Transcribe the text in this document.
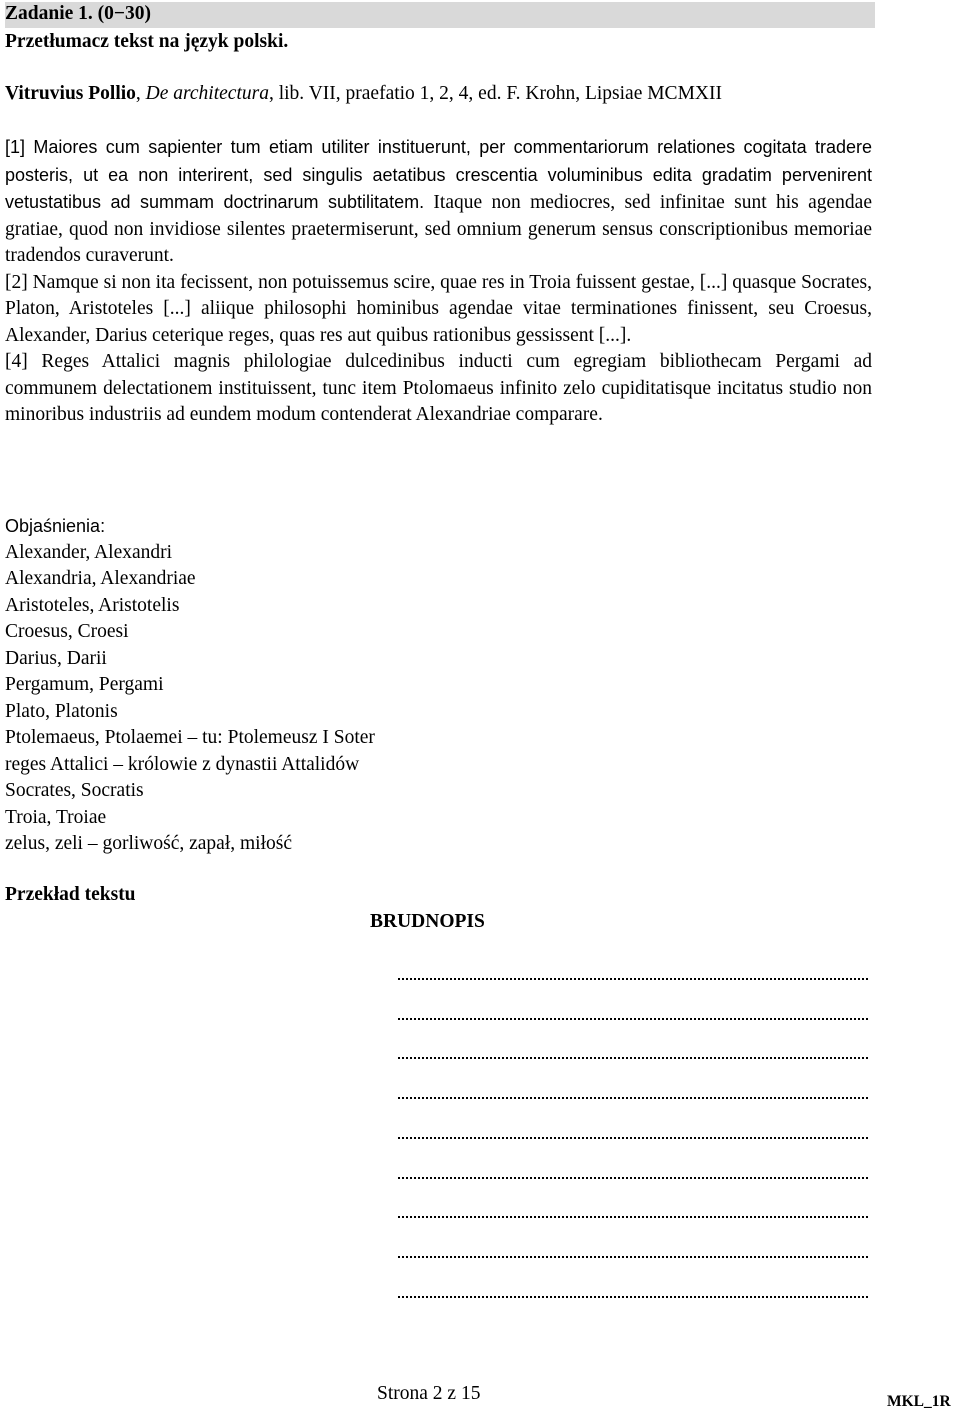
Zadanie 1. (0−30)
Przetłumacz tekst na język polski.
Vitruvius Pollio, De architectura, lib. VII, praefatio 1, 2, 4, ed. F. Krohn, Lipsiae MCMXII

[1] Maiores cum sapienter tum etiam utiliter instituerunt, per commentariorum relationes cogitata tradere posteris, ut ea non interirent, sed singulis aetatibus crescentia voluminibus edita gradatim pervenirent vetustatibus ad summam doctrinarum subtilitatem. Itaque non mediocres, sed infinitae sunt his agendae gratiae, quod non invidiose silentes praetermiserunt, sed omnium generum sensus conscriptionibus memoriae tradendos curaverunt.

[2] Namque si non ita fecissent, non potuissemus scire, quae res in Troia fuissent gestae, [...] quasque Socrates, Platon, Aristoteles [...] aliique philosophi hominibus agendae vitae terminationes finissent, seu Croesus, Alexander, Darius ceterique reges, quas res aut quibus rationibus gessissent [...].

[4] Reges Attalici magnis philologiae dulcedinibus inducti cum egregiam bibliothecam Pergami ad communem delectationem instituissent, tunc item Ptolomaeus infinito zelo cupiditatisque incitatus studio non minoribus industriis ad eundem modum contenderat Alexandriae comparare.

Objaśnienia:
Alexander, Alexandri
Alexandria, Alexandriae
Aristoteles, Aristotelis
Croesus, Croesi
Darius, Darii
Pergamum, Pergami
Plato, Platonis
Ptolemaeus, Ptolaemei – tu: Ptolemeusz I Soter
reges Attalici – królowie z dynastii Attalidów
Socrates, Socratis
Troia, Troiae
zelus, zeli – gorliwość, zapał, miłość
Przekład tekstu
BRUDNOPIS
Strona 2 z 15	MKL_1R
